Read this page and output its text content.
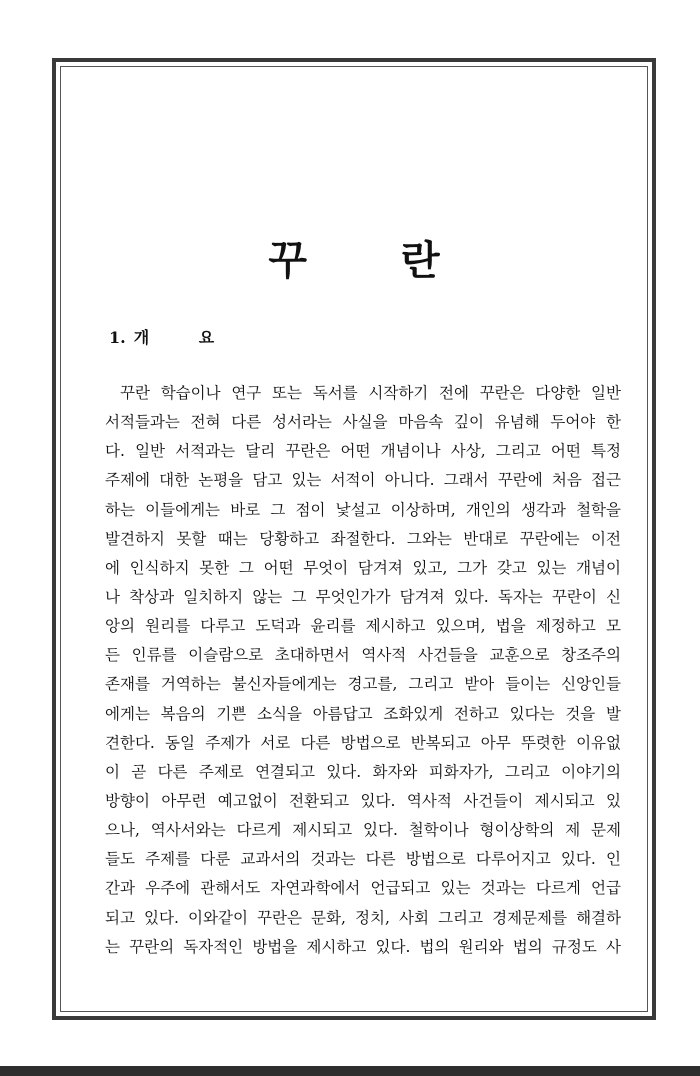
꾸 란
1. 개 요
꾸란 학습이나 연구 또는 독서를 시작하기 전에 꾸란은 다양한 일반
서적들과는 전혀 다른 성서라는 사실을 마음속 깊이 유념해 두어야 한
다. 일반 서적과는 달리 꾸란은 어떤 개념이나 사상, 그리고 어떤 특정
주제에 대한 논평을 담고 있는 서적이 아니다. 그래서 꾸란에 처음 접근
하는 이들에게는 바로 그 점이 낯설고 이상하며, 개인의 생각과 철학을
발견하지 못할 때는 당황하고 좌절한다. 그와는 반대로 꾸란에는 이전
에 인식하지 못한 그 어떤 무엇이 담겨져 있고, 그가 갖고 있는 개념이
나 착상과 일치하지 않는 그 무엇인가가 담겨져 있다. 독자는 꾸란이 신
앙의 원리를 다루고 도덕과 윤리를 제시하고 있으며, 법을 제정하고 모
든 인류를 이슬람으로 초대하면서 역사적 사건들을 교훈으로 창조주의
존재를 거역하는 불신자들에게는 경고를, 그리고 받아 들이는 신앙인들
에게는 복음의 기쁜 소식을 아름답고 조화있게 전하고 있다는 것을 발
견한다. 동일 주제가 서로 다른 방법으로 반복되고 아무 뚜렷한 이유없
이 곧 다른 주제로 연결되고 있다. 화자와 피화자가, 그리고 이야기의
방향이 아무런 예고없이 전환되고 있다. 역사적 사건들이 제시되고 있
으나, 역사서와는 다르게 제시되고 있다. 철학이나 형이상학의 제 문제
들도 주제를 다룬 교과서의 것과는 다른 방법으로 다루어지고 있다. 인
간과 우주에 관해서도 자연과학에서 언급되고 있는 것과는 다르게 언급
되고 있다. 이와같이 꾸란은 문화, 정치, 사회 그리고 경제문제를 해결하
는 꾸란의 독자적인 방법을 제시하고 있다. 법의 원리와 법의 규정도 사
